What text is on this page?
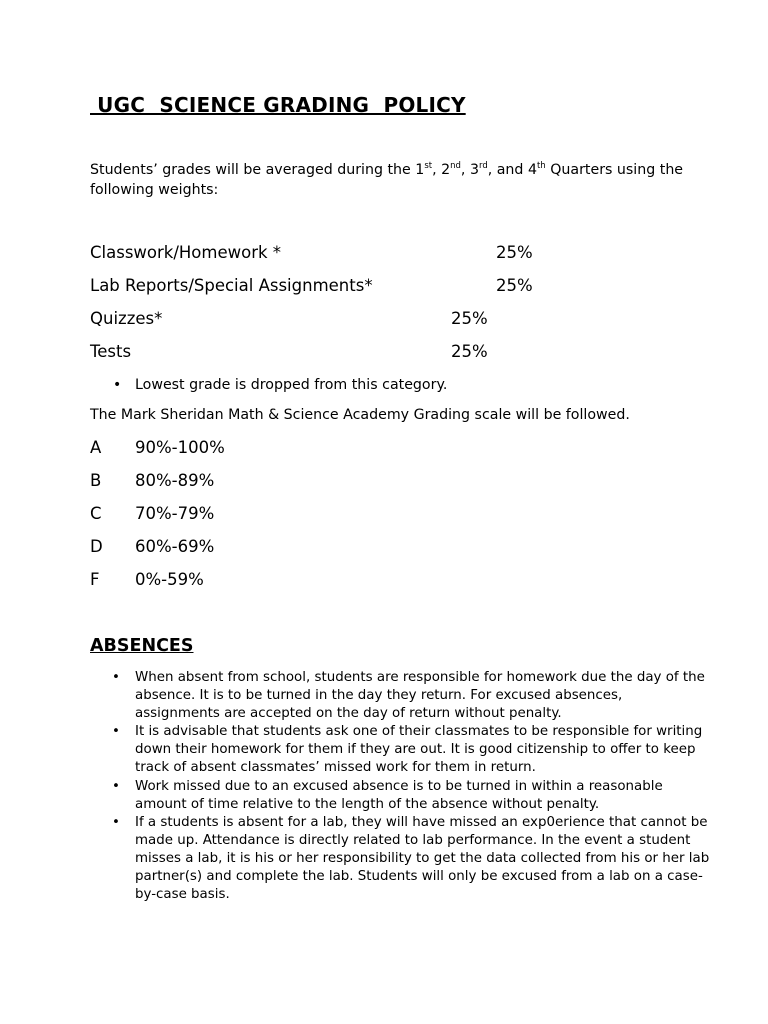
UGC  SCIENCE GRADING  POLICY

Students’ grades will be averaged during the 1st, 2nd, 3rd, and 4th Quarters using the following weights:

Classwork/Homework *	25%
Lab Reports/Special Assignments*	25%
Quizzes*	25%
Tests	25%
• Lowest grade is dropped from this category.

The Mark Sheridan Math & Science Academy Grading scale will be followed.

A 90%-100%
B 80%-89%
C 70%-79%
D 60%-69%
F 0%-59%
ABSENCES
• When absent from school, students are responsible for homework due the day of the absence. It is to be turned in the day they return. For excused absences, assignments are accepted on the day of return without penalty.
• It is advisable that students ask one of their classmates to be responsible for writing down their homework for them if they are out. It is good citizenship to offer to keep track of absent classmates’ missed work for them in return.
• Work missed due to an excused absence is to be turned in within a reasonable amount of time relative to the length of the absence without penalty.
• If a students is absent for a lab, they will have missed an exp0erience that cannot be made up. Attendance is directly related to lab performance. In the event a student misses a lab, it is his or her responsibility to get the data collected from his or her lab partner(s) and complete the lab. Students will only be excused from a lab on a case-by-case basis.
